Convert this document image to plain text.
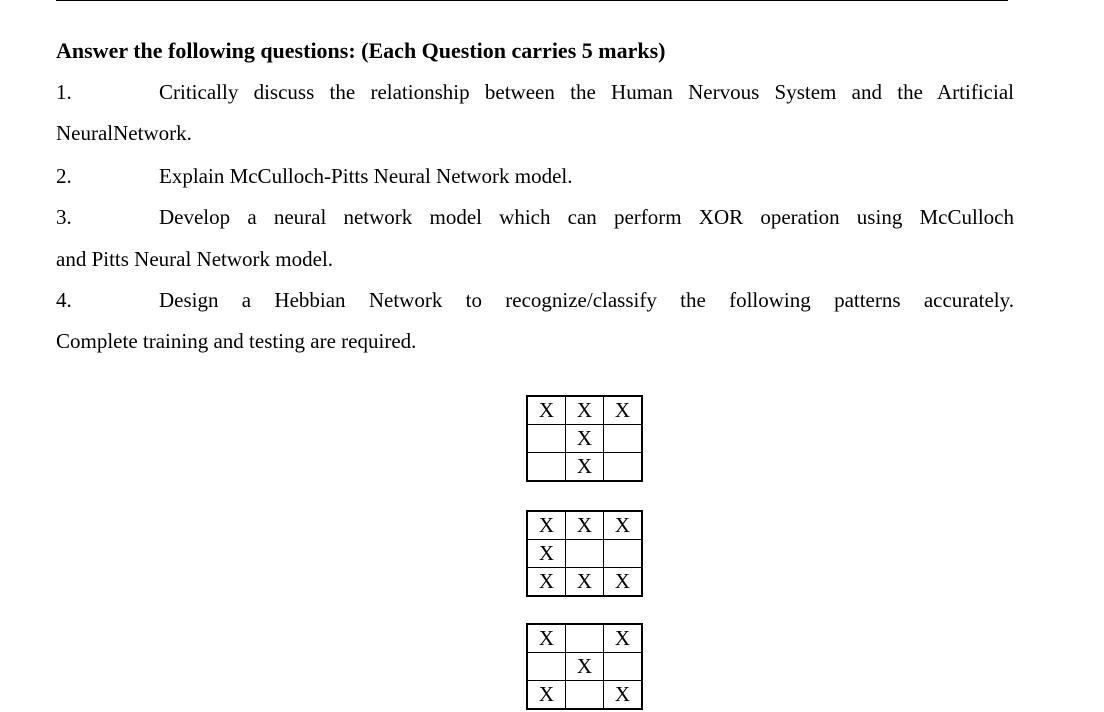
Answer the following questions: (Each Question carries 5 marks)
1.	Critically discuss the relationship between the Human Nervous System and the Artificial
NeuralNetwork.
2.	Explain McCulloch-Pitts Neural Network model.
3.	Develop a neural network model which can perform XOR operation using McCulloch
and Pitts Neural Network model.
4.	Design a Hebbian Network to recognize/classify the following patterns accurately.
Complete training and testing are required.
X	X	X
	X	
	X	
X	X	X
X		
X	X	X
X		X
	X	
X		X
